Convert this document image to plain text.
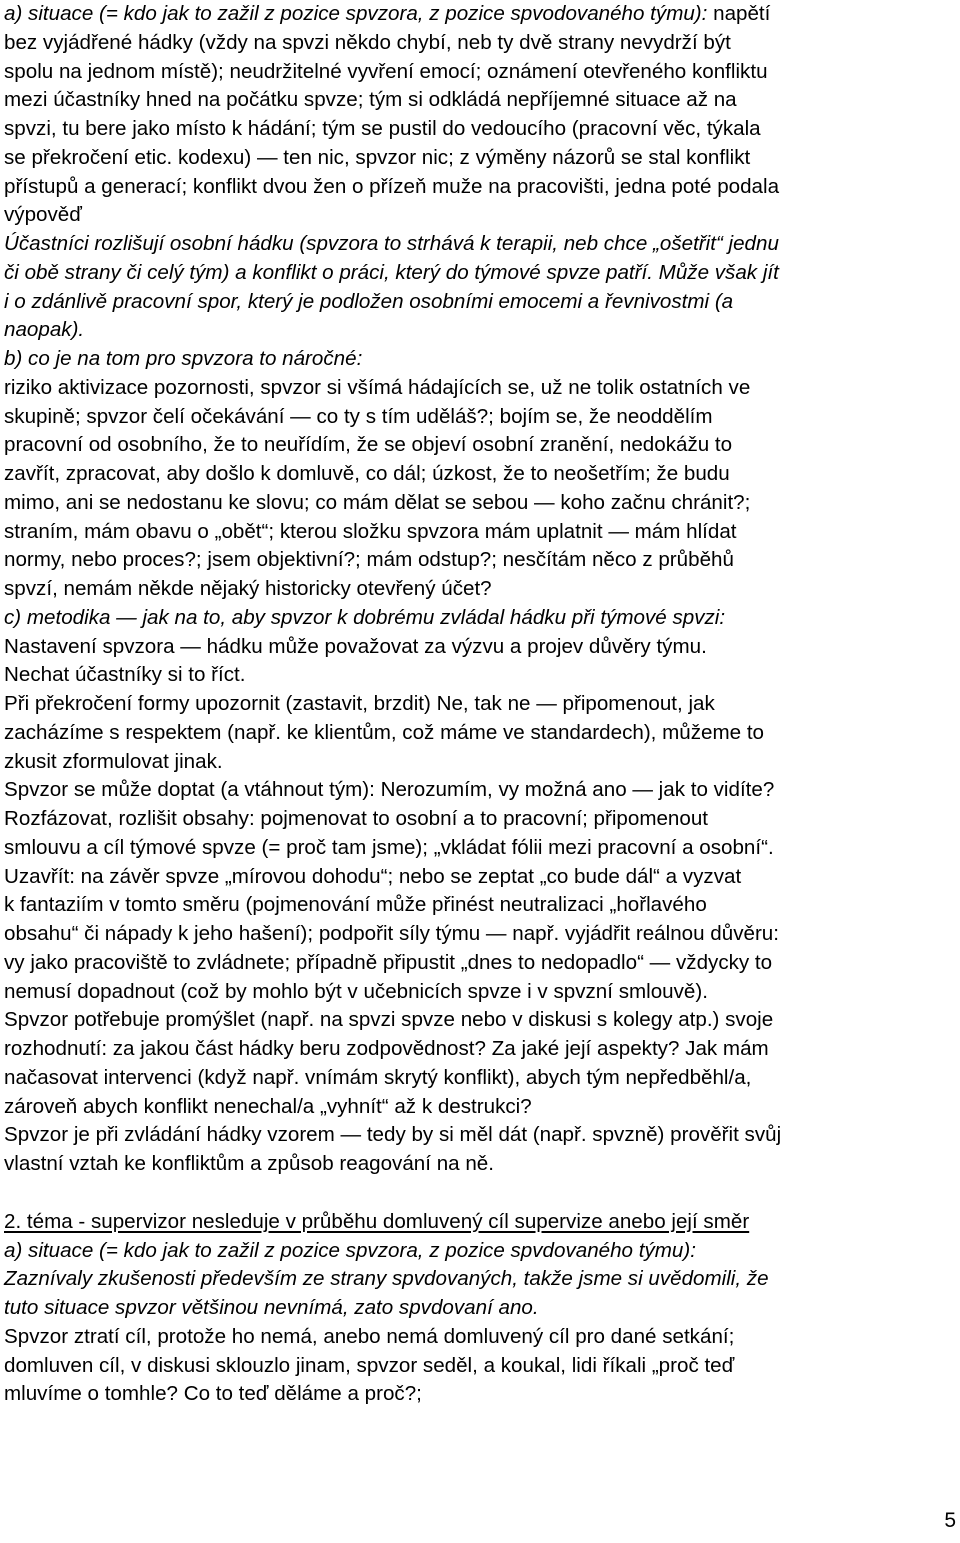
a) situace (= kdo jak to zažil z pozice spvzora, z pozice spvodovaného týmu): napětí
bez vyjádřené hádky (vždy na spvzi někdo chybí, neb ty dvě strany nevydrží být
spolu na jednom místě); neudržitelné vyvření emocí; oznámení otevřeného konfliktu
mezi účastníky hned na počátku spvze; tým si odkládá nepříjemné situace až na
spvzi, tu bere jako místo k hádání; tým se pustil do vedoucího (pracovní věc, týkala
se překročení etic. kodexu) — ten nic, spvzor nic; z výměny názorů se stal konflikt
přístupů a generací; konflikt dvou žen o přízeň muže na pracovišti, jedna poté podala
výpověď
Účastníci rozlišují osobní hádku (spvzora to strhává k terapii, neb chce „ošetřit“ jednu
či obě strany či celý tým) a konflikt o práci, který do týmové spvze patří. Může však jít
i o zdánlivě pracovní spor, který je podložen osobními emocemi a řevnivostmi (a
naopak).
b) co je na tom pro spvzora to náročné:
riziko aktivizace pozornosti, spvzor si všímá hádajících se, už ne tolik ostatních ve
skupině; spvzor čelí očekávání — co ty s tím uděláš?; bojím se, že neoddělím
pracovní od osobního, že to neuřídím, že se objeví osobní zranění, nedokážu to
zavřít, zpracovat, aby došlo k domluvě, co dál; úzkost, že to neošetřím; že budu
mimo, ani se nedostanu ke slovu; co mám dělat se sebou — koho začnu chránit?;
straním, mám obavu o „obět“; kterou složku spvzora mám uplatnit — mám hlídat
normy, nebo proces?; jsem objektivní?; mám odstup?; nesčítám něco z průběhů
spvzí, nemám někde nějaký historicky otevřený účet?
c) metodika — jak na to, aby spvzor k dobrému zvládal hádku při týmové spvzi:
Nastavení spvzora — hádku může považovat za výzvu a projev důvěry týmu.
Nechat účastníky si to říct.
Při překročení formy upozornit (zastavit, brzdit) Ne, tak ne — připomenout, jak
zacházíme s respektem (např. ke klientům, což máme ve standardech), můžeme to
zkusit zformulovat jinak.
Spvzor se může doptat (a vtáhnout tým): Nerozumím, vy možná ano — jak to vidíte?
Rozfázovat, rozlišit obsahy: pojmenovat to osobní a to pracovní; připomenout
smlouvu a cíl týmové spvze (= proč tam jsme); „vkládat fólii mezi pracovní a osobní“.
Uzavřít: na závěr spvze „mírovou dohodu“; nebo se zeptat „co bude dál“ a vyzvat
k fantaziím v tomto směru (pojmenování může přinést neutralizaci „hořlavého
obsahu“ či nápady k jeho hašení); podpořit síly týmu — např. vyjádřit reálnou důvěru:
vy jako pracoviště to zvládnete; případně připustit „dnes to nedopadlo“ — vždycky to
nemusí dopadnout (což by mohlo být v učebnicích spvze i v spvzní smlouvě).
Spvzor potřebuje promýšlet (např. na spvzi spvze nebo v diskusi s kolegy atp.) svoje
rozhodnutí: za jakou část hádky beru zodpovědnost? Za jaké její aspekty? Jak mám
načasovat intervenci (když např. vnímám skrytý konflikt), abych tým nepředběhl/a,
zároveň abych konflikt nenechal/a „vyhnít“ až k destrukci?
Spvzor je při zvládání hádky vzorem — tedy by si měl dát (např. spvzně) prověřit svůj
vlastní vztah ke konfliktům a způsob reagování na ně.
2. téma - supervizor nesleduje v průběhu domluvený cíl supervize anebo její směr
a) situace (= kdo jak to zažil z pozice spvzora, z pozice spvdovaného týmu):
Zaznívaly zkušenosti především ze strany spvdovaných, takže jsme si uvědomili, že
tuto situace spvzor většinou nevnímá, zato spvdovaní ano.
Spvzor ztratí cíl, protože ho nemá, anebo nemá domluvený cíl pro dané setkání;
domluven cíl, v diskusi sklouzlo jinam, spvzor seděl, a koukal, lidi říkali „proč teď
mluvíme o tomhle? Co to teď děláme a proč?;
5
